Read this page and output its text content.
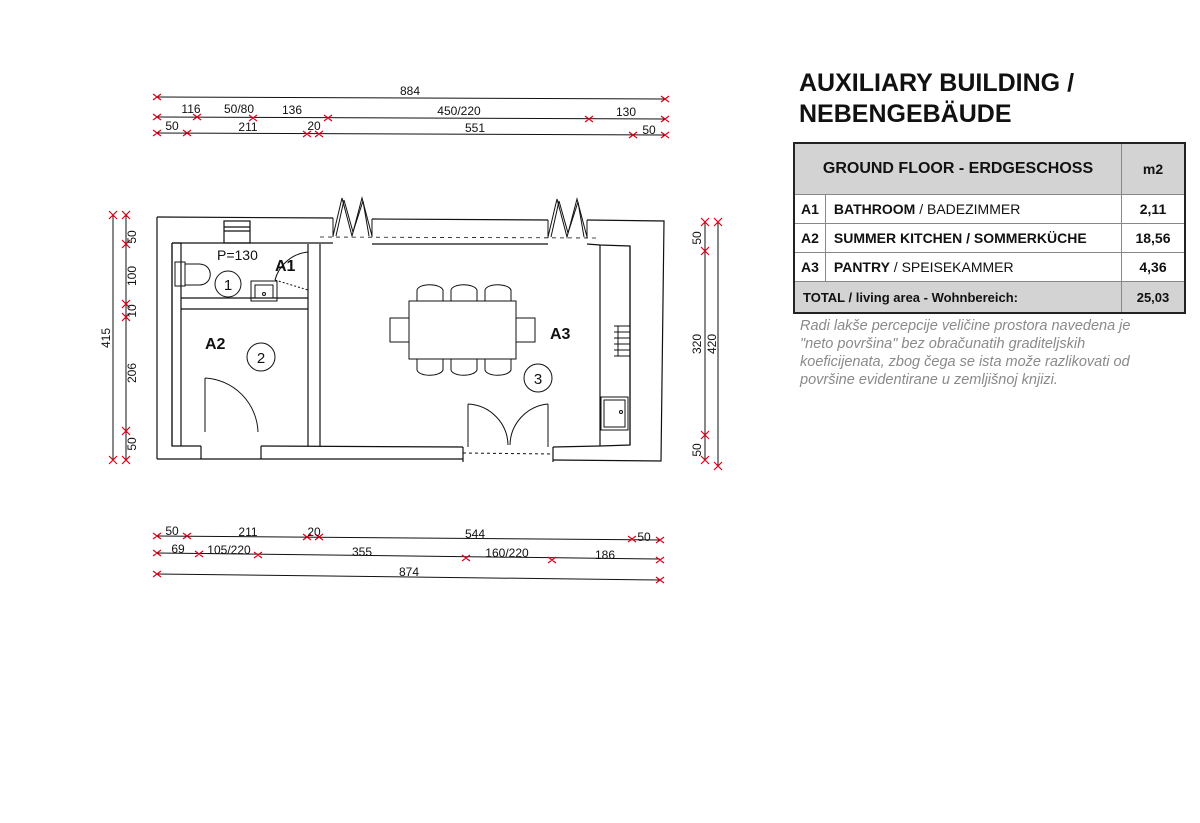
1
2
3
A1
A2
A3
P=130
884
116 50/80 136	450/220	130
50	211	20	551	50
50	211	20	544	50
69 105/220	355	160/220	186
874
415
50
100
10
206
50
50
320
50
420
AUXILIARY BUILDING /
NEBENGEBÄUDE
GROUND FLOOR - ERDGESCHOSS		m2
A1	BATHROOM / BADEZIMMER	2,11
A2	SUMMER KITCHEN / SOMMERKÜCHE	18,56
A3	PANTRY / SPEISEKAMMER	4,36
TOTAL / living area - Wohnbereich:		25,03

Radi lakše percepcije veličine prostora navedena je "neto površina" bez obračunatih graditeljskih koeficijenata, zbog čega se ista može razlikovati od površine evidentirane u zemljišnoj knjizi.
